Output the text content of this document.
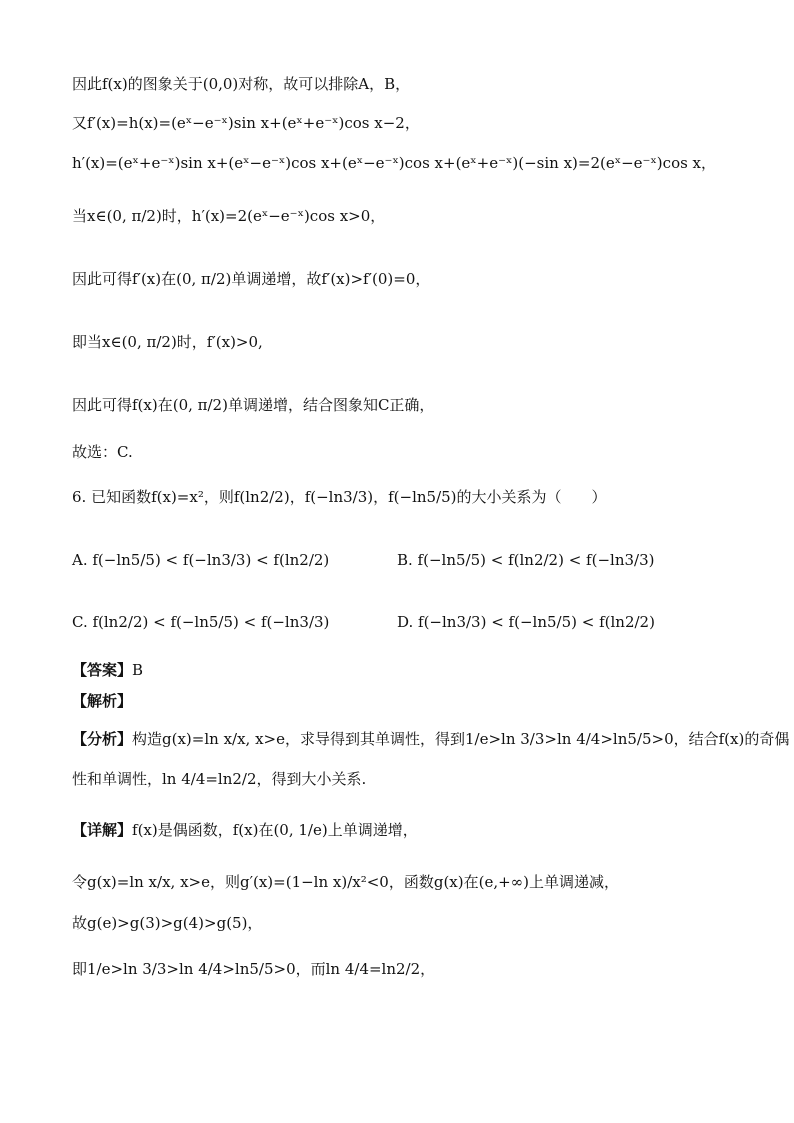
因此f(x)的图象关于(0,0)对称，故可以排除A，B，
又f′(x)=h(x)=(eˣ−e⁻ˣ)sin x+(eˣ+e⁻ˣ)cos x−2，
h′(x)=(eˣ+e⁻ˣ)sin x+(eˣ−e⁻ˣ)cos x+(eˣ−e⁻ˣ)cos x+(eˣ+e⁻ˣ)(−sin x)=2(eˣ−e⁻ˣ)cos x，
当x∈(0, π/2)时，h′(x)=2(eˣ−e⁻ˣ)cos x>0，
因此可得f′(x)在(0, π/2)单调递增，故f′(x)>f′(0)=0，
即当x∈(0, π/2)时，f′(x)>0,
因此可得f(x)在(0, π/2)单调递增，结合图象知C正确，
故选：C.
6. 已知函数f(x)=x²，则f(ln2/2)，f(−ln3/3)，f(−ln5/5)的大小关系为（　　）
A. f(−ln5/5) < f(−ln3/3) < f(ln2/2)	B. f(−ln5/5) < f(ln2/2) < f(−ln3/3)
C. f(ln2/2) < f(−ln5/5) < f(−ln3/3)	D. f(−ln3/3) < f(−ln5/5) < f(ln2/2)
【答案】B
【解析】
【分析】构造g(x)=ln x/x, x>e，求导得到其单调性，得到1/e>ln 3/3>ln 4/4>ln5/5>0，结合f(x)的奇偶
性和单调性，ln 4/4=ln2/2，得到大小关系.
【详解】f(x)是偶函数，f(x)在(0, 1/e)上单调递增，
令g(x)=ln x/x, x>e，则g′(x)=(1−ln x)/x²<0，函数g(x)在(e,+∞)上单调递减，
故g(e)>g(3)>g(4)>g(5)，
即1/e>ln 3/3>ln 4/4>ln5/5>0，而ln 4/4=ln2/2，
